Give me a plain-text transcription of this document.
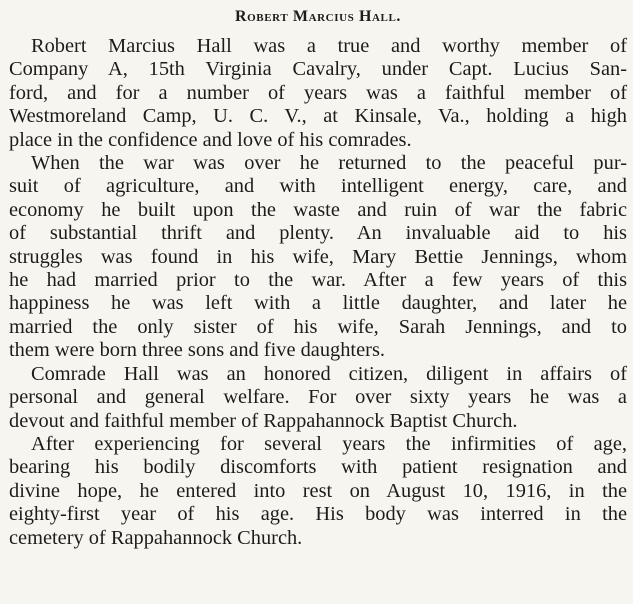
Robert Marcius Hall.
Robert Marcius Hall was a true and worthy member of
Company A, 15th Virginia Cavalry, under Capt. Lucius San-
ford, and for a number of years was a faithful member of
Westmoreland Camp, U. C. V., at Kinsale, Va., holding a high
place in the confidence and love of his comrades.
When the war was over he returned to the peaceful pur-
suit of agriculture, and with intelligent energy, care, and
economy he built upon the waste and ruin of war the fabric
of substantial thrift and plenty. An invaluable aid to his
struggles was found in his wife, Mary Bettie Jennings, whom
he had married prior to the war. After a few years of this
happiness he was left with a little daughter, and later he
married the only sister of his wife, Sarah Jennings, and to
them were born three sons and five daughters.
Comrade Hall was an honored citizen, diligent in affairs of
personal and general welfare. For over sixty years he was a
devout and faithful member of Rappahannock Baptist Church.
After experiencing for several years the infirmities of age,
bearing his bodily discomforts with patient resignation and
divine hope, he entered into rest on August 10, 1916, in the
eighty-first year of his age. His body was interred in the
cemetery of Rappahannock Church.
